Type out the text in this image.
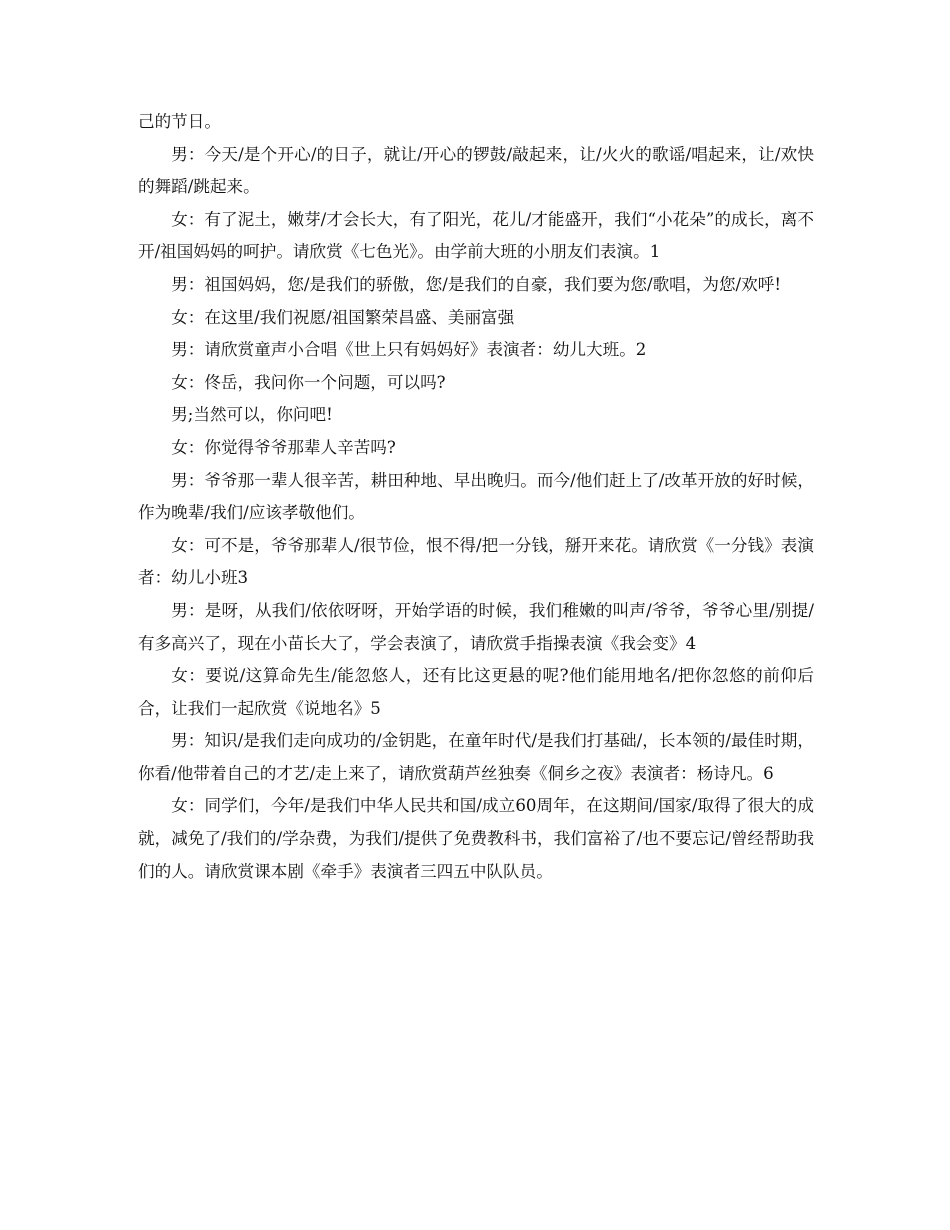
己的节日。

男：今天/是个开心/的日子，就让/开心的锣鼓/敲起来，让/火火的歌谣/唱起来，让/欢快的舞蹈/跳起来。

女：有了泥土，嫩芽/才会长大，有了阳光，花儿/才能盛开，我们“小花朵”的成长，离不开/祖国妈妈的呵护。请欣赏《七色光》。由学前大班的小朋友们表演。1

男：祖国妈妈，您/是我们的骄傲，您/是我们的自豪，我们要为您/歌唱，为您/欢呼!

女：在这里/我们祝愿/祖国繁荣昌盛、美丽富强

男：请欣赏童声小合唱《世上只有妈妈好》表演者：幼儿大班。2

女：佟岳，我问你一个问题，可以吗?

男;当然可以，你问吧!

女：你觉得爷爷那辈人辛苦吗?

男：爷爷那一辈人很辛苦，耕田种地、早出晚归。而今/他们赶上了/改革开放的好时候，作为晚辈/我们/应该孝敬他们。

女：可不是，爷爷那辈人/很节俭，恨不得/把一分钱，掰开来花。请欣赏《一分钱》表演者：幼儿小班3

男：是呀，从我们/依依呀呀，开始学语的时候，我们稚嫩的叫声/爷爷，爷爷心里/别提/有多高兴了，现在小苗长大了，学会表演了，请欣赏手指操表演《我会变》4

女：要说/这算命先生/能忽悠人，还有比这更悬的呢?他们能用地名/把你忽悠的前仰后合，让我们一起欣赏《说地名》5

男：知识/是我们走向成功的/金钥匙，在童年时代/是我们打基础/，长本领的/最佳时期，你看/他带着自己的才艺/走上来了，请欣赏葫芦丝独奏《侗乡之夜》表演者：杨诗凡。6

女：同学们，今年/是我们中华人民共和国/成立60周年，在这期间/国家/取得了很大的成就，减免了/我们的/学杂费，为我们/提供了免费教科书，我们富裕了/也不要忘记/曾经帮助我们的人。请欣赏课本剧《牵手》表演者三四五中队队员。
